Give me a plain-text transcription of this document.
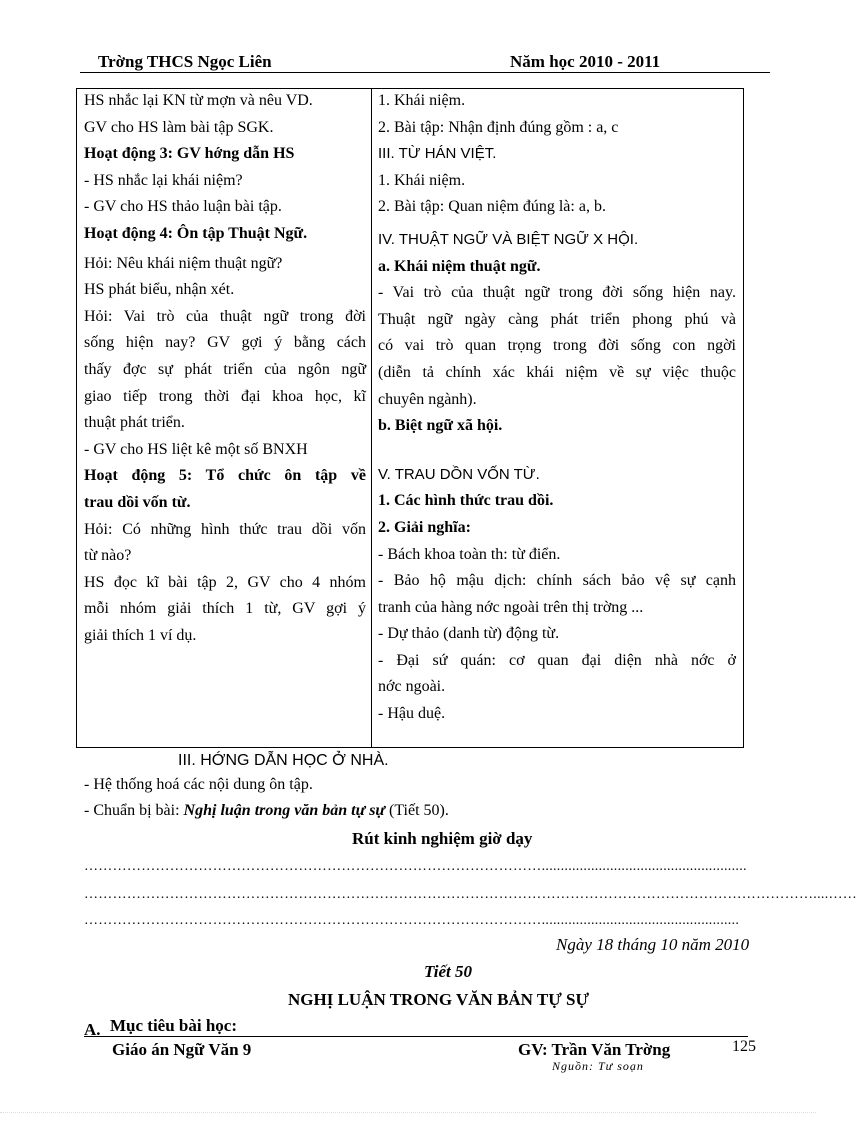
Trờng THCS Ngọc Liên	Năm học 2010 - 2011
HS nhắc lại KN từ mợn và nêu VD.
GV cho HS làm bài tập SGK.
Hoạt động 3: GV hớng dẫn HS
- HS nhắc lại khái niệm?
- GV cho HS thảo luận bài tập.
Hoạt động 4: Ôn tập Thuật Ngữ.
Hỏi: Nêu khái niệm thuật ngữ?
HS phát biểu, nhận xét.
Hỏi: Vai trò của thuật ngữ trong đời
sống hiện nay? GV gợi ý bằng cách
thấy đợc sự phát triển của ngôn ngữ
giao tiếp trong thời đại khoa học, kĩ
thuật phát triển.
- GV cho HS liệt kê một số BNXH
Hoạt động 5: Tổ chức ôn tập về
trau dồi vốn từ.
Hỏi: Có những hình thức trau dồi vốn
từ nào?
HS đọc kĩ bài tập 2, GV cho 4 nhóm
mỗi nhóm giải thích 1 từ, GV gợi ý
giải thích 1 ví dụ.
1. Khái niệm.
2. Bài tập: Nhận định đúng gồm : a, c
III. TỪ HÁN VIỆT.
1. Khái niệm.
2. Bài tập: Quan niệm đúng là: a, b.
IV. THUẬT NGỮ VÀ BIỆT NGỮ X HỘI.
a. Khái niệm thuật ngữ.
- Vai trò của thuật ngữ trong đời sống hiện nay.
Thuật ngữ ngày càng phát triển phong phú và
có vai trò quan trọng trong đời sống con ngời
(diễn tả chính xác khái niệm về sự việc thuộc
chuyên ngành).
b. Biệt ngữ xã hội.
V. TRAU DỒN VỐN TỪ.
1. Các hình thức trau dồi.
2. Giải nghĩa:
- Bách khoa toàn th: từ điển.
- Bảo hộ mậu dịch: chính sách bảo vệ sự cạnh
tranh của hàng nớc ngoài trên thị trờng ...
- Dự thảo (danh từ) động từ.
- Đại sứ quán: cơ quan đại diện nhà nớc ở
nớc ngoài.
- Hậu duệ.
III. HỚNG DẪN HỌC Ở NHÀ.
- Hệ thống hoá các nội dung ôn tập.
- Chuẩn bị bài: Nghị luận trong văn bản tự sự (Tiết 50).
Rút kinh nghiệm giờ dạy
……………………………………………………………………………………......................................................
………………………………………………………………………………………………………………………………………....……
……………………………………………………………………………………....................................................
Ngày 18 tháng 10 năm 2010
Tiết 50
NGHỊ LUẬN TRONG VĂN BẢN TỰ SỰ
A. Mục tiêu bài học:
Giáo án Ngữ Văn 9	GV: Trần Văn Trờng	125
Nguồn: Tư soạn
